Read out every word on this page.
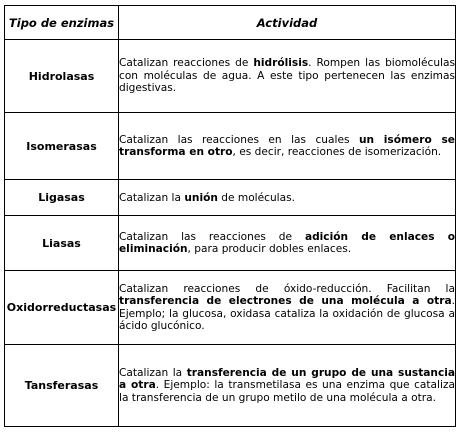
Tipo de enzimas	Actividad
Hidrolasas	Catalizan reacciones de hidrólisis. Rompen las biomoléculas con moléculas de agua. A este tipo pertenecen las enzimas digestivas.

Isomerasas	Catalizan las reacciones en las cuales un isómero se transforma en otro, es decir, reacciones de isomerización.

Ligasas	Catalizan la unión de moléculas.

Liasas	Catalizan las reacciones de adición de enlaces o eliminación, para producir dobles enlaces.

Oxidorreductasas	Catalizan reacciones de óxido-reducción. Facilitan la transferencia de electrones de una molécula a otra. Ejemplo; la glucosa, oxidasa cataliza la oxidación de glucosa a ácido glucónico.

Tansferasas	Catalizan la transferencia de un grupo de una sustancia a otra. Ejemplo: la transmetilasa es una enzima que cataliza la transferencia de un grupo metilo de una molécula a otra.
